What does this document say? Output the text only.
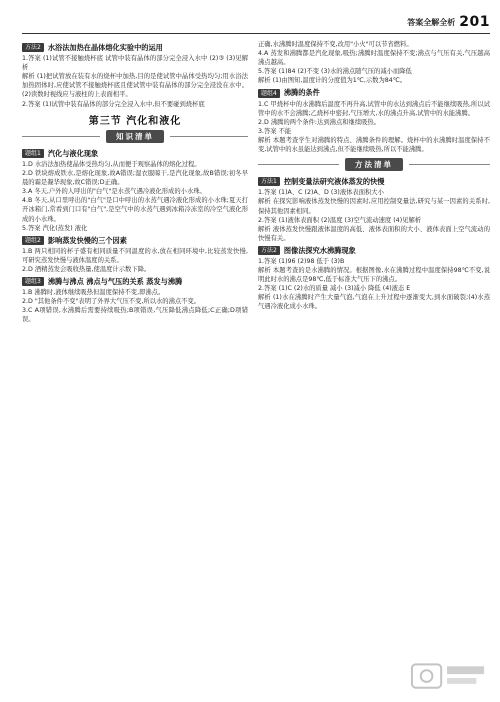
答案全解全析 201
方法2 水浴法加热在晶体熔化实验中的运用

1.答案 (1)试管不接触烧杯底 试管中装有晶体的部分完全浸入水中 (2)③ (3)见解析

解析 (1)把试管放在装有水的烧杯中加热,目的是使试管中晶体受热均匀;用水浴法加热固体时,应使试管不接触烧杯底且使试管中装有晶体的部分完全浸没在水中。(2)读数时视线应与液柱的上表面相平。

2.答案 (1)试管中装有晶体的部分完全浸入水中,但不要碰到烧杯底

第三节 汽化和液化
知识清单
题组1 汽化与液化现象

1.D 水浴法加热使晶体受热均匀,从而便于观察晶体的熔化过程。

2.D 铁块熔成铁水,是熔化现象,故A错误;湿衣服晾干,是汽化现象,故B错误;初冬早晨的霜是凝华现象,故C错误;D正确。

3.A 冬天,户外的人呼出的"白气"是水蒸气遇冷液化形成的小水珠。

4.B 冬天,从口里呼出的"白气"是口中呼出的水蒸气遇冷液化形成的小水珠;夏天打开冰箱门,常看到门口有"白气",是空气中的水蒸气遇到冰箱冷冻室的冷空气液化形成的小水珠。

5.答案 汽化(蒸发) 液化

题组2 影响蒸发快慢的三个因素

1.B 两只相同的杯子盛有相同质量不同温度的水,放在相同环境中,比较蒸发快慢,可研究蒸发快慢与液体温度的关系。

2.D 酒精蒸发会吸收热量,使温度计示数下降。

题组3 沸腾与沸点 沸点与气压的关系 蒸发与沸腾

1.B 沸腾时,液体继续吸热但温度保持不变,即沸点。

2.D "其他条件不变"表明了外界大气压不变,所以水的沸点不变。

3.C A项错误,水沸腾后需要持续吸热;B项错误,气压降低沸点降低;C正确;D项错误。

正确,水沸腾时温度保持不变,改用"小火"可以节省燃料。

4.A 蒸发和沸腾都是汽化现象,吸热;沸腾时温度保持不变;沸点与气压有关,气压越高沸点越高。

5.答案 (1)84 (2)不变 (3)水的沸点随气压的减小而降低

解析 (1)由图知,温度计的分度值为1℃,示数为84℃。

题组4 沸腾的条件

1.C 甲烧杯中的水沸腾后温度不再升高,试管中的水达到沸点后不能继续吸热,所以试管中的水不会沸腾;乙烧杯中密封,气压增大,水的沸点升高,试管中的水能沸腾。

2.D 沸腾的两个条件:达到沸点和继续吸热。

3.答案 不能

解析 本题考查学生对沸腾的特点、沸腾条件的理解。烧杯中的水沸腾时温度保持不变,试管中的水虽能达到沸点,但不能继续吸热,所以不能沸腾。

方法清单
方法1 控制变量法研究液体蒸发的快慢

1.答案 (1)A、C (2)A、D (3)液体表面积大小

解析 在探究影响液体蒸发快慢的因素时,应用控制变量法,研究与某一因素的关系时,保持其他因素相同。

2.答案 (1)液体表面积 (2)温度 (3)空气流动速度 (4)见解析

解析 液体蒸发快慢跟液体温度的高低、液体表面积的大小、液体表面上空气流动的快慢有关。

方法2 图像法探究水沸腾现象

1.答案 (1)96 (2)98 低于 (3)B

解析 本题考查的是水沸腾的情况。根据图像,水在沸腾过程中温度保持98℃不变,说明此时水的沸点是98℃,低于标准大气压下的沸点。

2.答案 (1)C (2)水的质量 减小 (3)减小 降低 (4)液态 E

解析 (1)水在沸腾时产生大量气泡,气泡在上升过程中逐渐变大,到水面破裂;(4)水蒸气遇冷液化成小水珠。
